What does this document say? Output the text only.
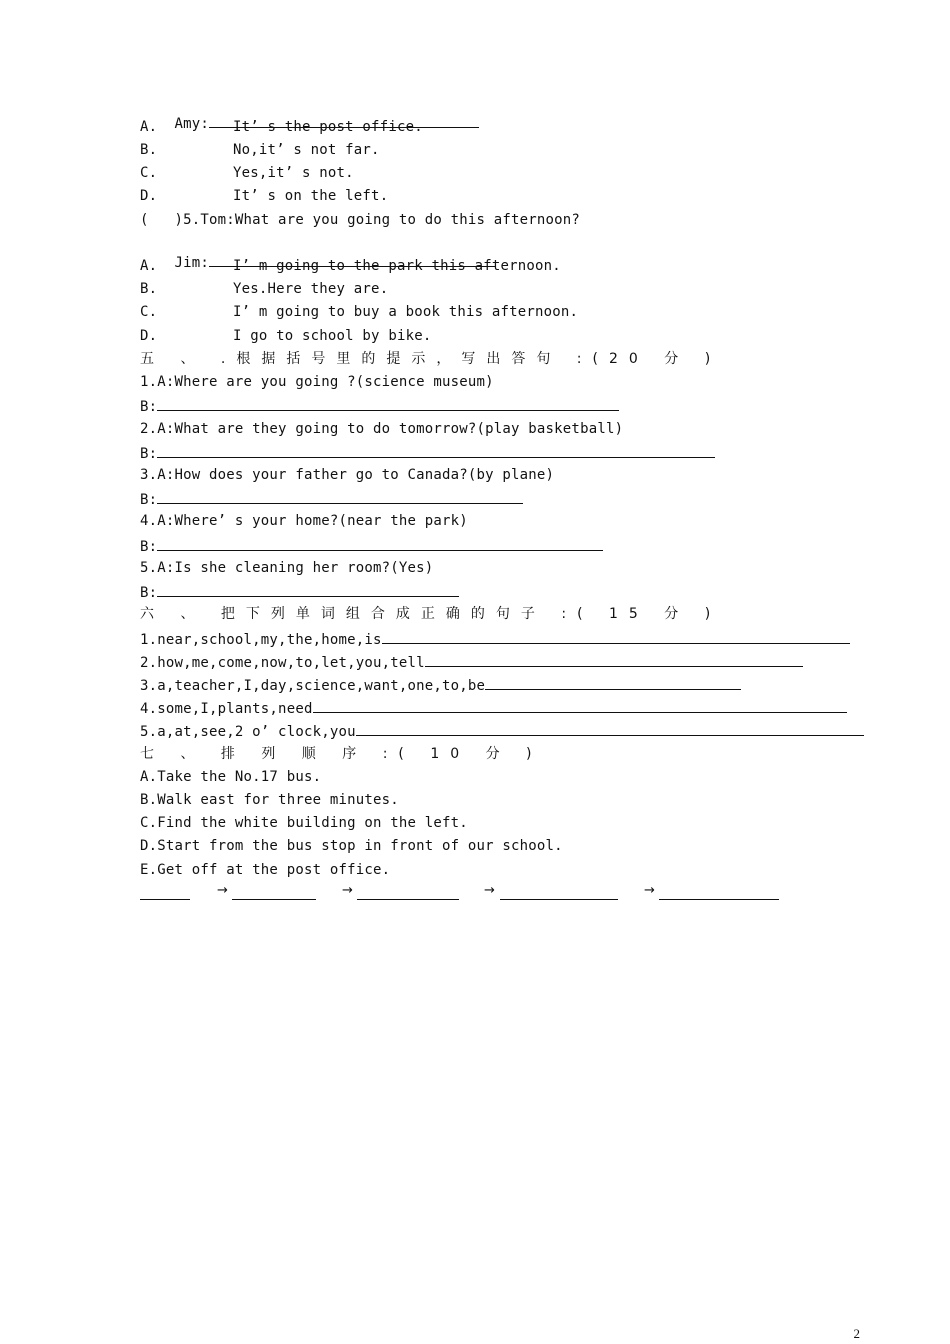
Amy:

A.	It’ s the post office.
B.	No,it’ s not far.
C.	Yes,it’ s not.
D.	It’ s on the left.
(   )5.Tom:What are you going to do this afternoon?

Jim:

A.	I’ m going to the park this afternoon.
B.	Yes.Here they are.
C.	I’ m going to buy a book this afternoon.
D.	I go to school by bike.
五 、 .根据括号里的提示，写出答句 :(20 分 )
1.A:Where are you going ?(science museum)
B:
2.A:What are they going to do tomorrow?(play basketball)
B:
3.A:How does your father go to Canada?(by plane)
B:
4.A:Where’ s your home?(near the park)
B:
5.A:Is she cleaning her room?(Yes)
B:
六 、 把下列单词组合成正确的句子 :( 15 分 )
1.near,school,my,the,home,is
2.how,me,come,now,to,let,you,tell
3.a,teacher,I,day,science,want,one,to,be
4.some,I,plants,need
5.a,at,see,2 o’ clock,you
七 、 排 列 顺 序 :( 10 分 )
A.Take the No.17 bus.
B.Walk east for three minutes.
C.Find the white building on the left.
D.Start from the bus stop in front of our school.
E.Get off at the post office.
→	→	→	→
2
